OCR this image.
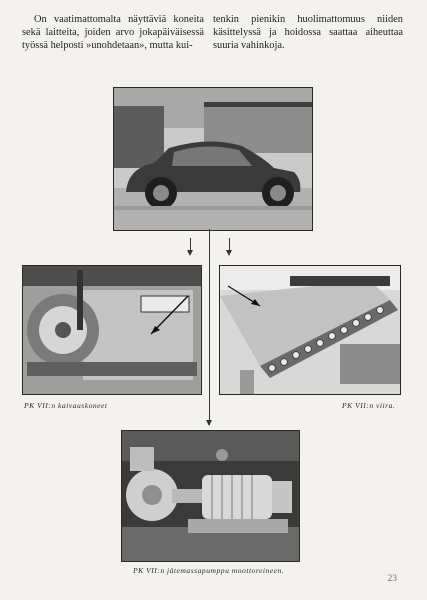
On vaatimattomalta näyttäviä koneita sekä laitteita, joiden arvo jokapäiväisessä työssä helposti »unohdetaan», mutta kui-

tenkin pienikin huolimattomuus niiden käsittelyssä ja hoidossa saattaa aiheuttaa suuria vahinkoja.

PK VII:n kaivauskoneet	PK VII:n viira.
PK VII:n jätemassapumppu moottoreineen.
23
